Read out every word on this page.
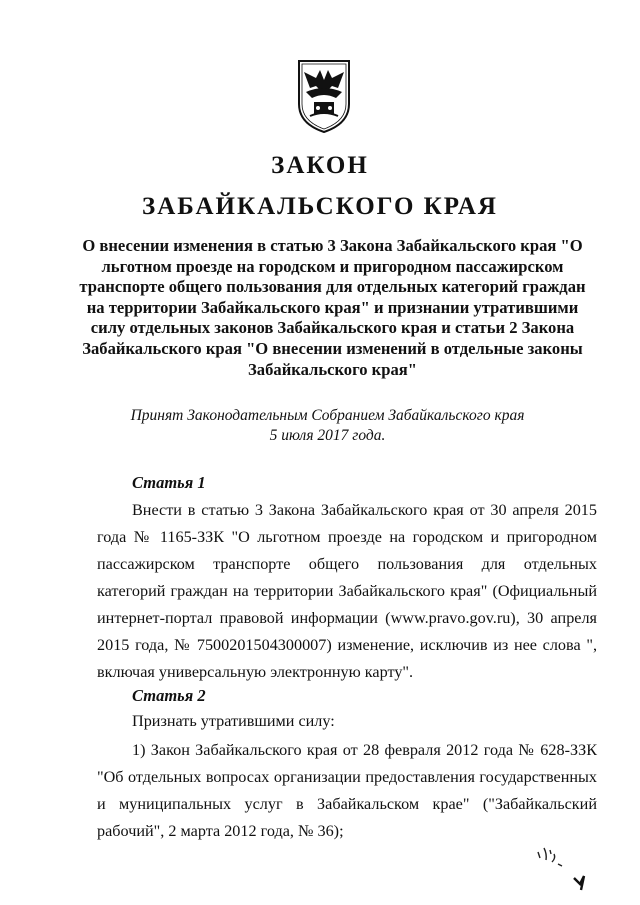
ЗАКОН
ЗАБАЙКАЛЬСКОГО КРАЯ
О внесении изменения в статью 3 Закона Забайкальского края "О льготном проезде на городском и пригородном пассажирском транспорте общего пользования для отдельных категорий граждан на территории Забайкальского края" и признании утратившими силу отдельных законов Забайкальского края и статьи 2 Закона Забайкальского края "О внесении изменений в отдельные законы Забайкальского края"
Принят Законодательным Собранием Забайкальского края
5 июля 2017 года.
Статья 1
Внести в статью 3 Закона Забайкальского края от 30 апреля 2015 года № 1165-ЗЗК "О льготном проезде на городском и пригородном пассажирском транспорте общего пользования для отдельных категорий граждан на территории Забайкальского края" (Официальный интернет-портал правовой информации (www.pravo.gov.ru), 30 апреля 2015 года, № 7500201504300007) изменение, исключив из нее слова ", включая универсальную электронную карту".
Статья 2
Признать утратившими силу:
1) Закон Забайкальского края от 28 февраля 2012 года № 628-ЗЗК "Об отдельных вопросах организации предоставления государственных и муниципальных услуг в Забайкальском крае" ("Забайкальский рабочий", 2 марта 2012 года, № 36);
